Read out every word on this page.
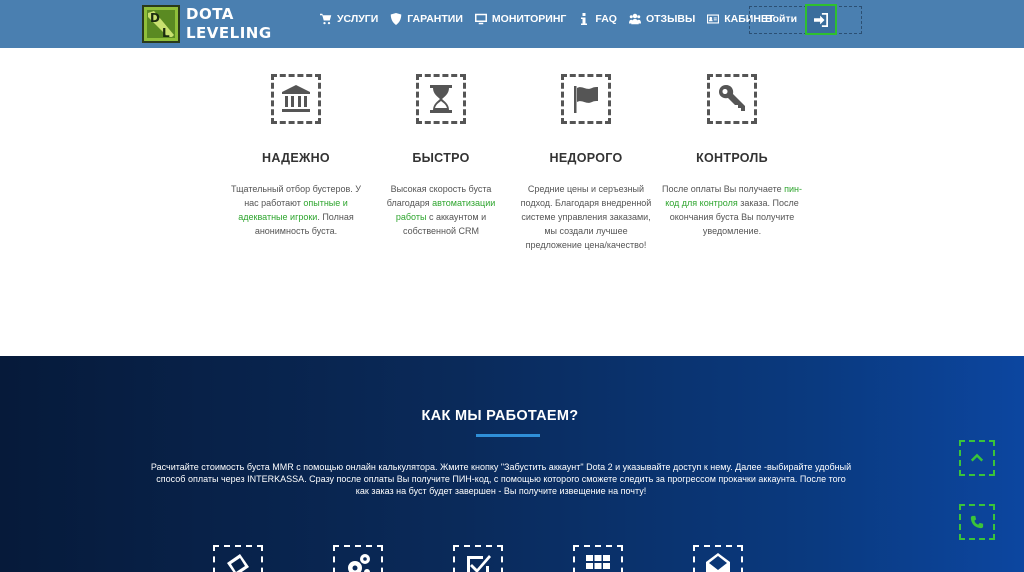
D
L
DOTA
LEVELING
УСЛУГИ	ГАРАНТИИ	МОНИТОРИНГ	FAQ	ОТЗЫВЫ	КАБИНЕТ
Войти
НАДЕЖНО
Тщательный отбор бустеров. У нас работают опытные и адекватные игроки. Полная анонимность буста.
БЫСТРО
Высокая скорость буста благодаря автоматизации работы с аккаунтом и собственной CRM
НЕДОРОГО
Средние цены и серъезный подход. Благодаря внедренной системе управления заказами, мы создали лучшее предложение цена/качество!
КОНТРОЛЬ
После оплаты Вы получаете пин-код для контроля заказа. После окончания буста Вы получите уведомление.
КАК МЫ РАБОТАЕМ?
Расчитайте стоимость буста MMR с помощью онлайн калькулятора. Жмите кнопку "Забустить аккаунт" Dota 2 и указывайте доступ к нему. Далее -выбирайте удобный способ оплаты через INTERKASSA. Сразу после оплаты Вы получите ПИН-код, с помощью которого сможете следить за прогрессом прокачки аккаунта. После того как заказ на буст будет завершен - Вы получите извещение на почту!
